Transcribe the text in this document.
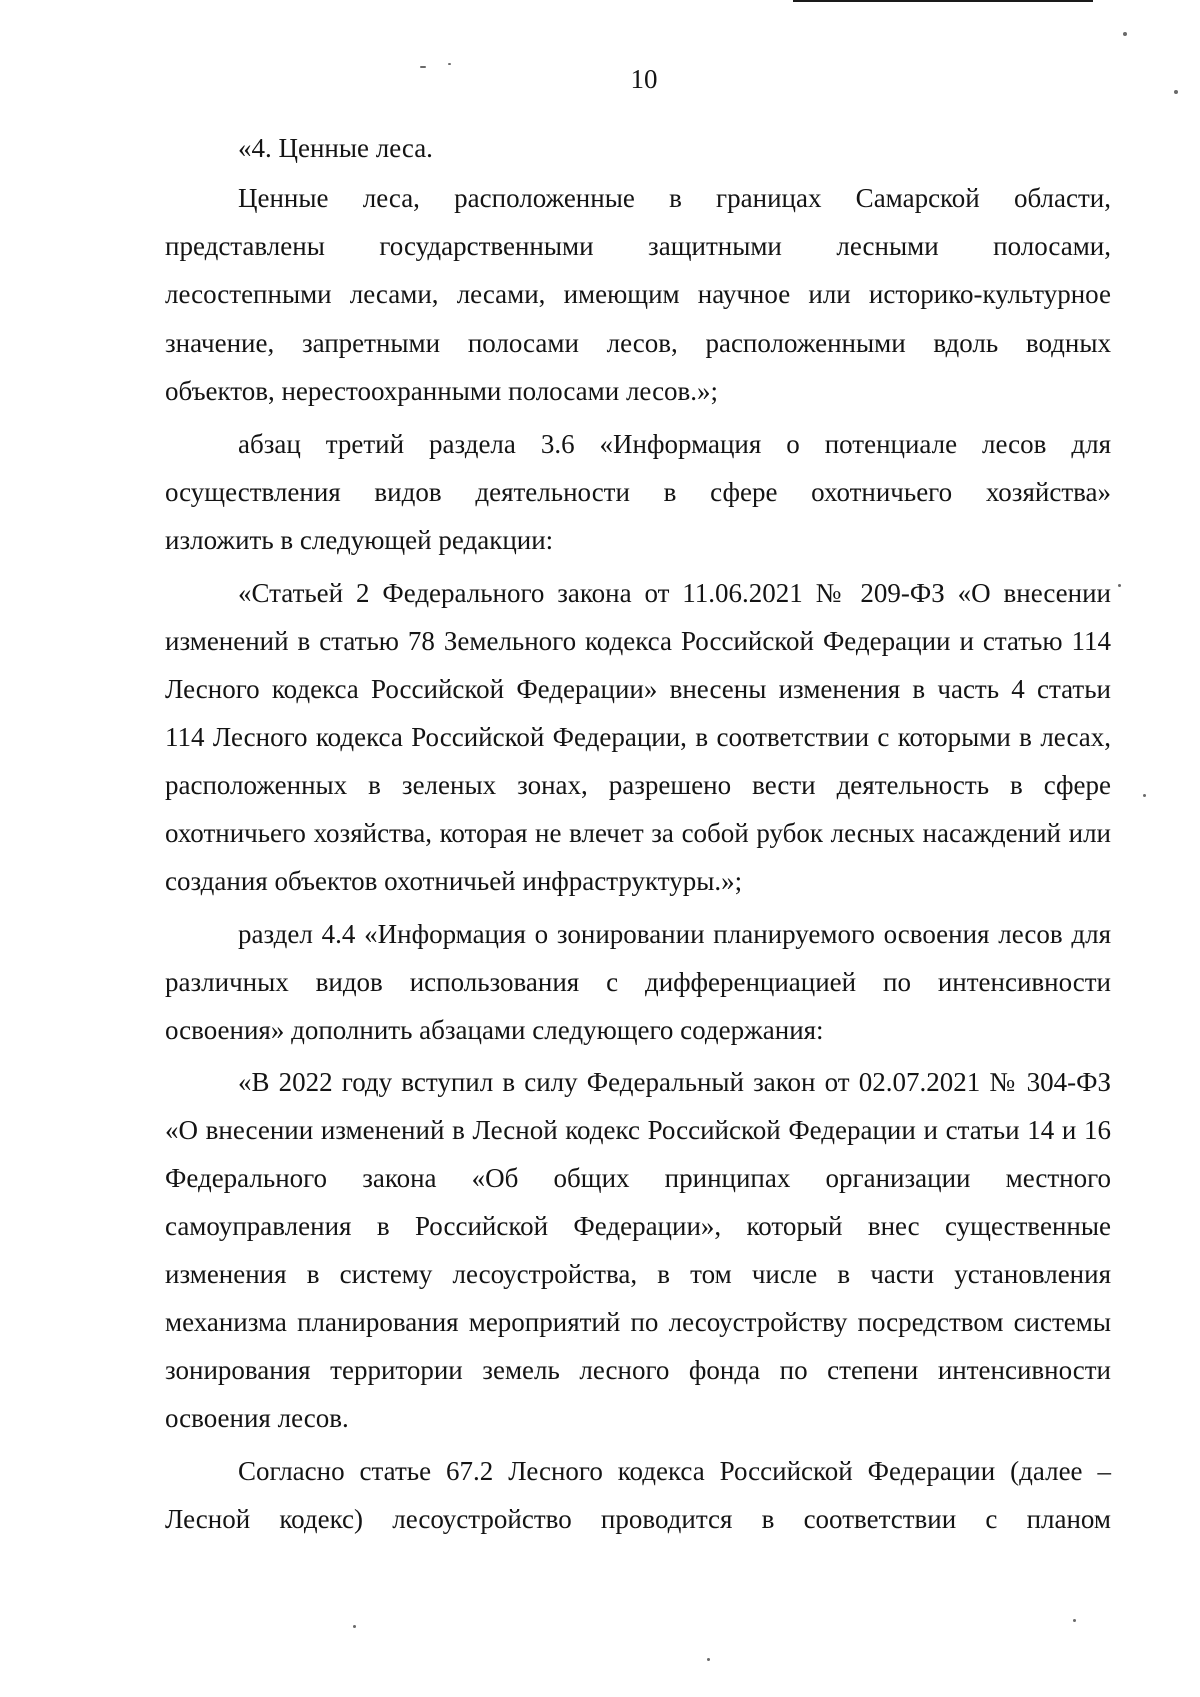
10
«4. Ценные леса.
Ценные леса, расположенные в границах Самарской области,
представлены государственными защитными лесными полосами,
лесостепными лесами, лесами, имеющим научное или историко-культурное
значение, запретными полосами лесов, расположенными вдоль водных
объектов, нерестоохранными полосами лесов.»;
абзац третий раздела 3.6 «Информация о потенциале лесов для
осуществления видов деятельности в сфере охотничьего хозяйства»
изложить в следующей редакции:
«Статьей 2 Федерального закона от 11.06.2021 № 209-ФЗ «О внесении
изменений в статью 78 Земельного кодекса Российской Федерации и статью 114
Лесного кодекса Российской Федерации» внесены изменения в часть 4 статьи
114 Лесного кодекса Российской Федерации, в соответствии с которыми в лесах,
расположенных в зеленых зонах, разрешено вести деятельность в сфере
охотничьего хозяйства, которая не влечет за собой рубок лесных насаждений или
создания объектов охотничьей инфраструктуры.»;
раздел 4.4 «Информация о зонировании планируемого освоения лесов для
различных видов использования с дифференциацией по интенсивности
освоения» дополнить абзацами следующего содержания:
«В 2022 году вступил в силу Федеральный закон от 02.07.2021 № 304-ФЗ
«О внесении изменений в Лесной кодекс Российской Федерации и статьи 14 и 16
Федерального закона «Об общих принципах организации местного
самоуправления в Российской Федерации», который внес существенные
изменения в систему лесоустройства, в том числе в части установления
механизма планирования мероприятий по лесоустройству посредством системы
зонирования территории земель лесного фонда по степени интенсивности
освоения лесов.
Согласно статье 67.2 Лесного кодекса Российской Федерации (далее –
Лесной кодекс) лесоустройство проводится в соответствии с планом
